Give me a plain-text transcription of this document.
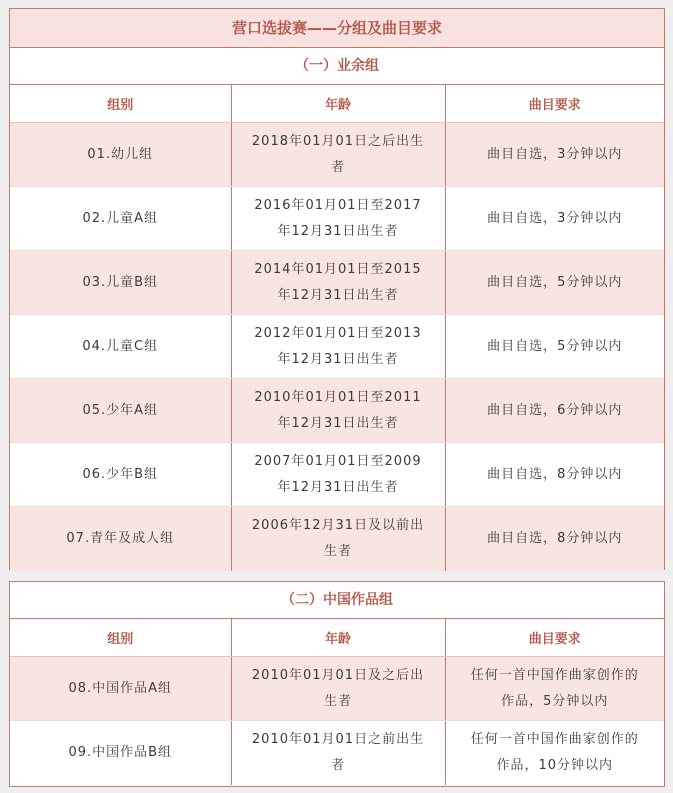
营口选拔赛——分组及曲目要求
（一）业余组
组别	年龄	曲目要求
01.幼儿组	2018年01月01日之后出生者	曲目自选，3分钟以内
02.儿童A组	2016年01月01日至2017年12月31日出生者	曲目自选，3分钟以内
03.儿童B组	2014年01月01日至2015年12月31日出生者	曲目自选，5分钟以内
04.儿童C组	2012年01月01日至2013年12月31日出生者	曲目自选，5分钟以内
05.少年A组	2010年01月01日至2011年12月31日出生者	曲目自选，6分钟以内
06.少年B组	2007年01月01日至2009年12月31日出生者	曲目自选，8分钟以内
07.青年及成人组	2006年12月31日及以前出生者	曲目自选，8分钟以内
（二）中国作品组
组别	年龄	曲目要求
08.中国作品A组	2010年01月01日及之后出生者	任何一首中国作曲家创作的作品，5分钟以内
09.中国作品B组	2010年01月01日之前出生者	任何一首中国作曲家创作的作品，10分钟以内
